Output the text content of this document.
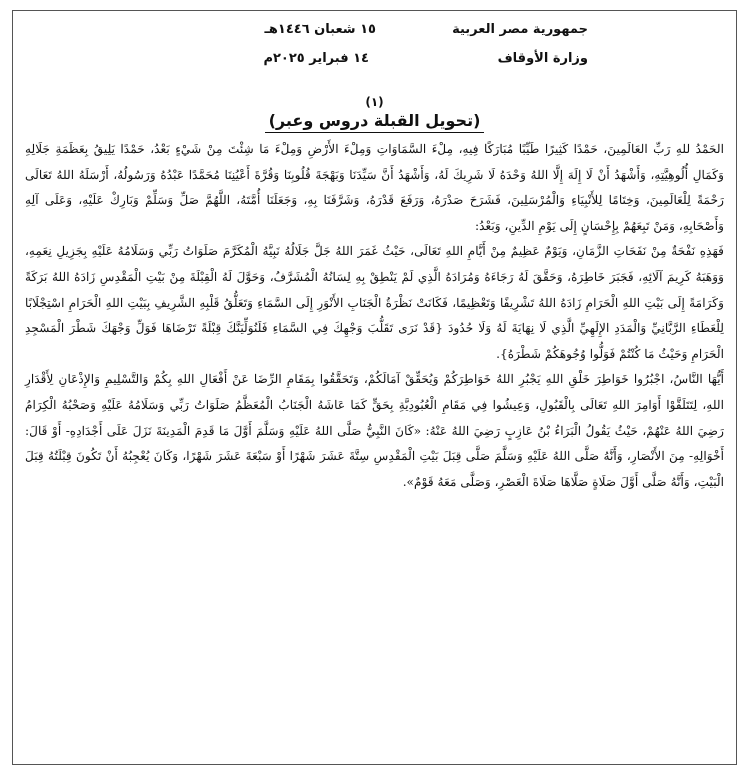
جمهورية مصر العربية
وزارة الأوقاف
١٥ شعبان ١٤٤٦هـ
١٤ فبراير ٢٠٢٥م
(١)
(تحويل القبلة دروس وعبر)

الحَمْدُ للهِ رَبِّ العَالَمِينَ، حَمْدًا كَثِيرًا طَيِّبًا مُبَارَكًا فِيهِ، مِلْءَ السَّمَاوَاتِ وَمِلْءَ الأَرْضِ وَمِلْءَ مَا شِئْتَ مِنْ شَيْءٍ بَعْدُ، حَمْدًا يَلِيقُ بِعَظَمَةِ جَلَالِهِ وَكَمَالِ أُلُوهِيَّتِهِ، وَأَشْهَدُ أَنْ لَا إِلَهَ إِلَّا اللهُ وَحْدَهُ لَا شَرِيكَ لَهُ، وَأَشْهَدُ أَنَّ سَيِّدَنَا وَبَهْجَةَ قُلُوبِنَا وَقُرَّةَ أَعْيُنِنَا مُحَمَّدًا عَبْدُهُ وَرَسُولُهُ، أَرْسَلَهُ اللهُ تَعَالَى رَحْمَةً لِلْعَالَمِينَ، وَخِتَامًا لِلأَنْبِيَاءِ وَالْمُرْسَلِينَ، فَشَرَحَ صَدْرَهُ، وَرَفَعَ قَدْرَهُ، وَشَرَّفَنَا بِهِ، وَجَعَلَنَا أُمَّتَهُ، اللَّهُمَّ صَلِّ وَسَلِّمْ وَبَارِكْ عَلَيْهِ، وَعَلَى آلِهِ وَأَصْحَابِهِ، وَمَنْ تَبِعَهُمْ بِإِحْسَانٍ إِلَى يَوْمِ الدِّينِ، وَبَعْدُ:

فَهَذِهِ نَفْحَةٌ مِنْ نَفَحَاتِ الزَّمَانِ، وَيَوْمٌ عَظِيمٌ مِنْ أَيَّامِ اللهِ تَعَالَى، حَيْثُ غَمَرَ اللهُ جَلَّ جَلَالُهُ نَبِيَّهُ الْمُكَرَّمَ صَلَوَاتُ رَبِّي وَسَلَامُهُ عَلَيْهِ بِجَزِيلِ نِعَمِهِ، وَوَهَبَهُ كَرِيمَ آلَائِهِ، فَجَبَرَ خَاطِرَهُ، وَحَقَّقَ لَهُ رَجَاءَهُ وَمُرَادَهُ الَّذِي لَمْ يَنْطِقْ بِهِ لِسَانُهُ الْمُشَرَّفُ، وَحَوَّلَ لَهُ الْقِبْلَةَ مِنْ بَيْتِ الْمَقْدِسِ زَادَهُ اللهُ بَرَكَةً وَكَرَامَةً إِلَى بَيْتِ اللهِ الْحَرَامِ زَادَهُ اللهُ تَشْرِيفًا وَتَعْظِيمًا، فَكَانَتْ نَظْرَةُ الْجَنَابِ الأَنْوَرِ إِلَى السَّمَاءِ وَتَعَلُّقُ قَلْبِهِ الشَّرِيفِ بِبَيْتِ اللهِ الْحَرَامِ اسْتِجْلَابًا لِلْعَطَاءِ الرَّبَّانِيِّ وَالْمَدَدِ الإِلَهِيِّ الَّذِي لَا نِهَايَةَ لَهُ وَلَا حُدُودَ {قَدْ نَرَى تَقَلُّبَ وَجْهِكَ فِي السَّمَاءِ فَلَنُوَلِّيَنَّكَ قِبْلَةً تَرْضَاهَا فَوَلِّ وَجْهَكَ شَطْرَ الْمَسْجِدِ الْحَرَامِ وَحَيْثُ مَا كُنْتُمْ فَوَلُّوا وُجُوهَكُمْ شَطْرَهُ}.

أَيُّهَا النَّاسُ، اجْبُرُوا خَوَاطِرَ خَلْقِ اللهِ يَجْبُرِ اللهُ خَوَاطِرَكُمْ وَيُحَقِّقْ آمَالَكُمْ، وَتَحَقَّقُوا بِمَقَامِ الرِّضَا عَنْ أَفْعَالِ اللهِ بِكُمْ وَالتَّسْلِيمِ وَالإِذْعَانِ لِأَقْدَارِ اللهِ، لِتَتَلَقَّوْا أَوَامِرَ اللهِ تَعَالَى بِالْقَبُولِ، وَعِيشُوا فِي مَقَامِ الْعُبُودِيَّةِ بِحَقٍّ كَمَا عَاشَهُ الْجَنَابُ الْمُعَظَّمُ صَلَوَاتُ رَبِّي وَسَلَامُهُ عَلَيْهِ وَصَحْبُهُ الْكِرَامُ رَضِيَ اللهُ عَنْهُمْ، حَيْثُ يَقُولُ الْبَرَاءُ بْنُ عَازِبٍ رَضِيَ اللهُ عَنْهُ: «كَانَ النَّبِيُّ صَلَّى اللهُ عَلَيْهِ وَسَلَّمَ أَوَّلَ مَا قَدِمَ الْمَدِينَةَ نَزَلَ عَلَى أَجْدَادِهِ- أَوْ قَالَ: أَخْوَالِهِ- مِنَ الأَنْصَارِ، وَأَنَّهُ صَلَّى اللهُ عَلَيْهِ وَسَلَّمَ صَلَّى قِبَلَ بَيْتِ الْمَقْدِسِ سِتَّةَ عَشَرَ شَهْرًا أَوْ سَبْعَةَ عَشَرَ شَهْرًا، وَكَانَ يُعْجِبُهُ أَنْ تَكُونَ قِبْلَتُهُ قِبَلَ الْبَيْتِ، وَأَنَّهُ صَلَّى أَوَّلَ صَلَاةٍ صَلَّاهَا صَلَاةَ الْعَصْرِ، وَصَلَّى مَعَهُ قَوْمٌ».
